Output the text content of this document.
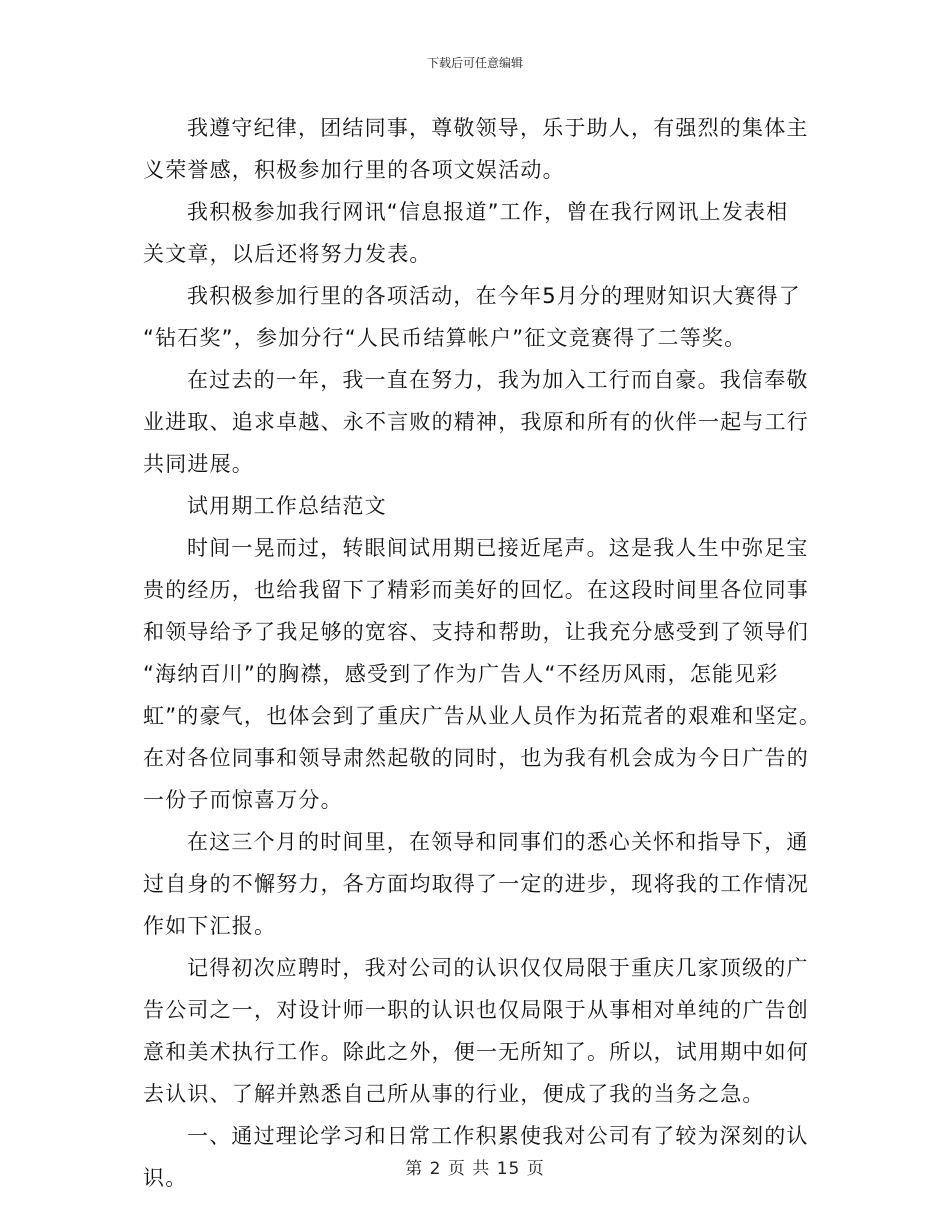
下载后可任意编辑
我遵守纪律，团结同事，尊敬领导，乐于助人，有强烈的集体主
义荣誉感，积极参加行里的各项文娱活动。
我积极参加我行网讯“信息报道”工作，曾在我行网讯上发表相
关文章，以后还将努力发表。
我积极参加行里的各项活动，在今年5月分的理财知识大赛得了
“钻石奖”，参加分行“人民币结算帐户”征文竞赛得了二等奖。
在过去的一年，我一直在努力，我为加入工行而自豪。我信奉敬
业进取、追求卓越、永不言败的精神，我原和所有的伙伴一起与工行
共同进展。
试用期工作总结范文
时间一晃而过，转眼间试用期已接近尾声。这是我人生中弥足宝
贵的经历，也给我留下了精彩而美好的回忆。在这段时间里各位同事
和领导给予了我足够的宽容、支持和帮助，让我充分感受到了领导们
“海纳百川”的胸襟，感受到了作为广告人“不经历风雨，怎能见彩
虹”的豪气，也体会到了重庆广告从业人员作为拓荒者的艰难和坚定。
在对各位同事和领导肃然起敬的同时，也为我有机会成为今日广告的
一份子而惊喜万分。
在这三个月的时间里，在领导和同事们的悉心关怀和指导下，通
过自身的不懈努力，各方面均取得了一定的进步，现将我的工作情况
作如下汇报。
记得初次应聘时，我对公司的认识仅仅局限于重庆几家顶级的广
告公司之一，对设计师一职的认识也仅局限于从事相对单纯的广告创
意和美术执行工作。除此之外，便一无所知了。所以，试用期中如何
去认识、了解并熟悉自己所从事的行业，便成了我的当务之急。
一、通过理论学习和日常工作积累使我对公司有了较为深刻的认
识。	第 2 页 共 15 页
